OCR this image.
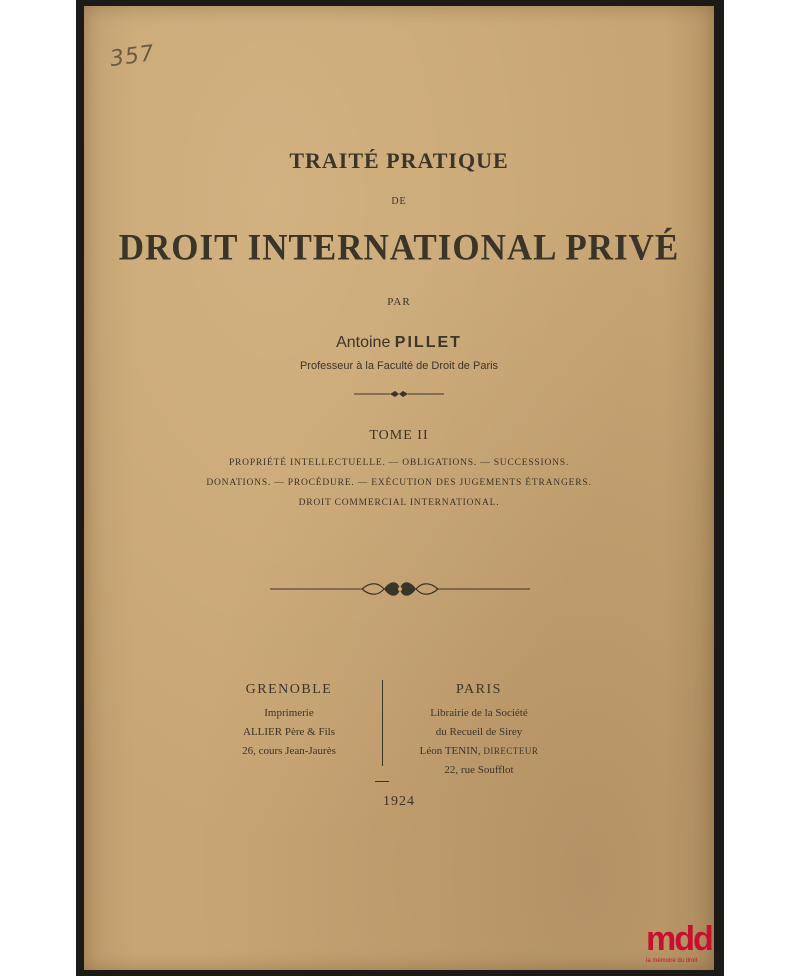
357
TRAITÉ PRATIQUE
DE
DROIT INTERNATIONAL PRIVÉ
PAR
Antoine PILLET
Professeur à la Faculté de Droit de Paris
TOME II
PROPRIÉTÉ INTELLECTUELLE. — OBLIGATIONS. — SUCCESSIONS.
DONATIONS. — PROCÉDURE. — EXÉCUTION DES JUGEMENTS ÉTRANGERS.
DROIT COMMERCIAL INTERNATIONAL.
GRENOBLE
Imprimerie
ALLIER Père & Fils
26, cours Jean-Jaurès
PARIS
Librairie de la Société
du Recueil de Sirey
Léon TENIN, DIRECTEUR
22, rue Soufflot
1924
mdd
la mémoire du droit
